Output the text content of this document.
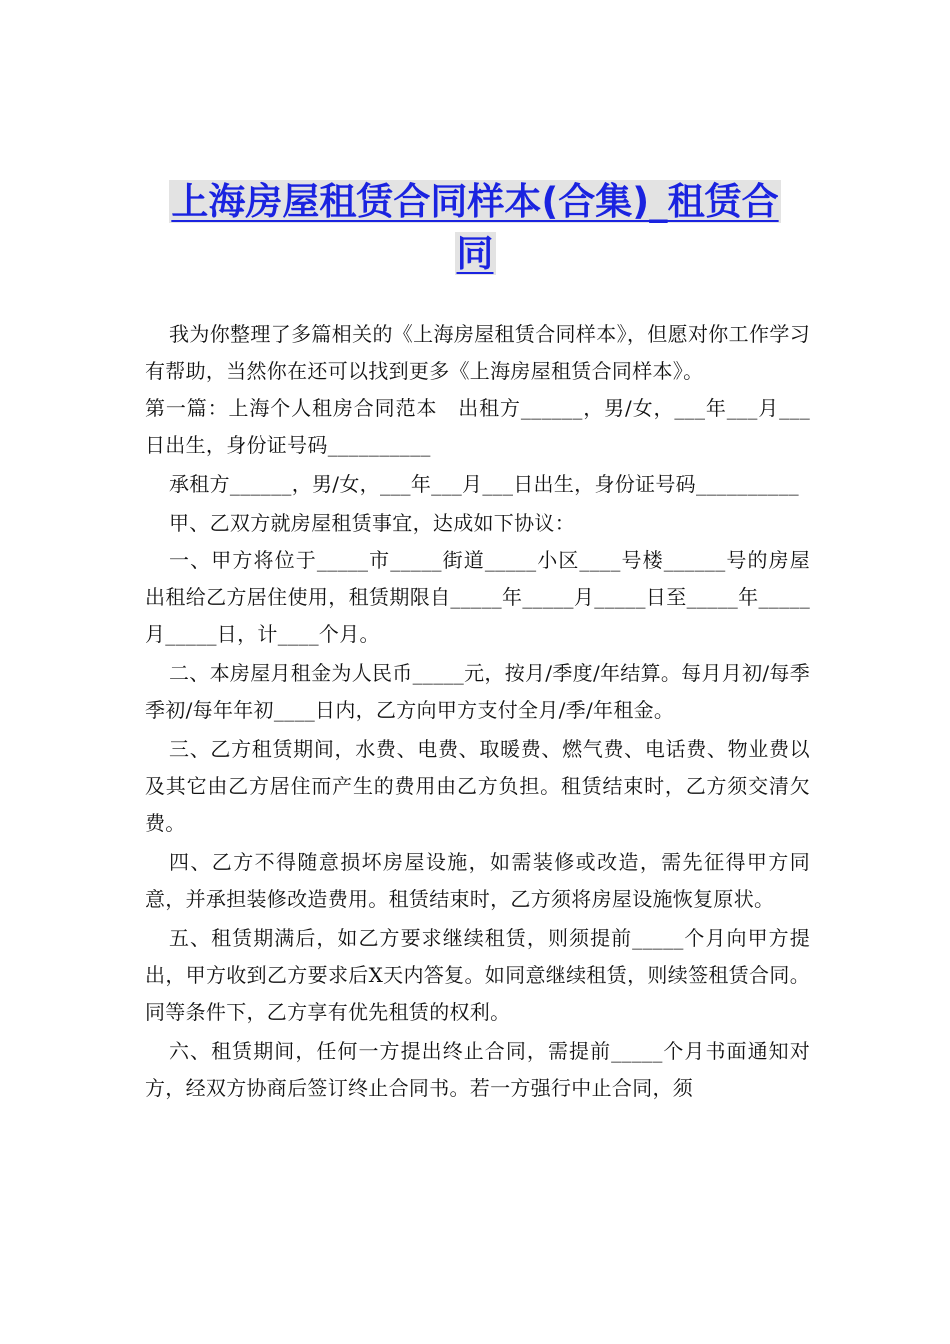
上海房屋租赁合同样本(合集)_租赁合
同

我为你整理了多篇相关的《上海房屋租赁合同样本》，但愿对你工作学习有帮助，当然你在还可以找到更多《上海房屋租赁合同样本》。

第一篇：上海个人租房合同范本　出租方______，男/女，___年___月___日出生，身份证号码__________

承租方______，男/女，___年___月___日出生，身份证号码__________

甲、乙双方就房屋租赁事宜，达成如下协议：

一、甲方将位于_____市_____街道_____小区____号楼______号的房屋出租给乙方居住使用，租赁期限自_____年_____月_____日至_____年_____月_____日，计____个月。

二、本房屋月租金为人民币_____元，按月/季度/年结算。每月月初/每季季初/每年年初____日内，乙方向甲方支付全月/季/年租金。

三、乙方租赁期间，水费、电费、取暖费、燃气费、电话费、物业费以及其它由乙方居住而产生的费用由乙方负担。租赁结束时，乙方须交清欠费。

四、乙方不得随意损坏房屋设施，如需装修或改造，需先征得甲方同意，并承担装修改造费用。租赁结束时，乙方须将房屋设施恢复原状。

五、租赁期满后，如乙方要求继续租赁，则须提前_____个月向甲方提出，甲方收到乙方要求后X天内答复。如同意继续租赁，则续签租赁合同。同等条件下，乙方享有优先租赁的权利。

六、租赁期间，任何一方提出终止合同，需提前_____个月书面通知对方，经双方协商后签订终止合同书。若一方强行中止合同，须
